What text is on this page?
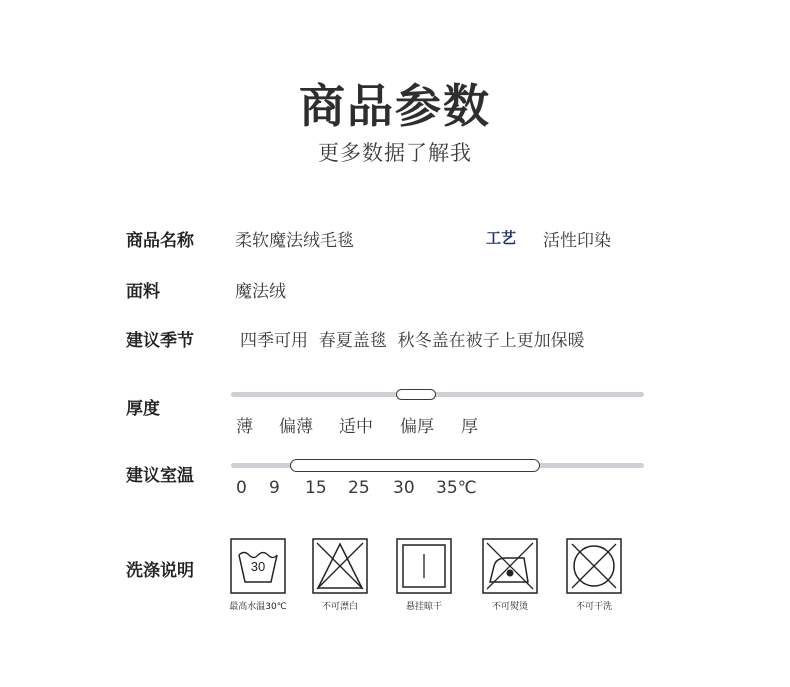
商品参数
更多数据了解我
商品名称 柔软魔法绒毛毯	工艺 活性印染
面料	魔法绒
建议季节	四季可用  春夏盖毯  秋冬盖在被子上更加保暖
厚度
薄 偏薄 适中 偏厚 厚
建议室温
0 9 15 25 30 35℃
洗涤说明	30
最高水温30℃	不可漂白	悬挂晾干	不可熨烫	不可干洗
